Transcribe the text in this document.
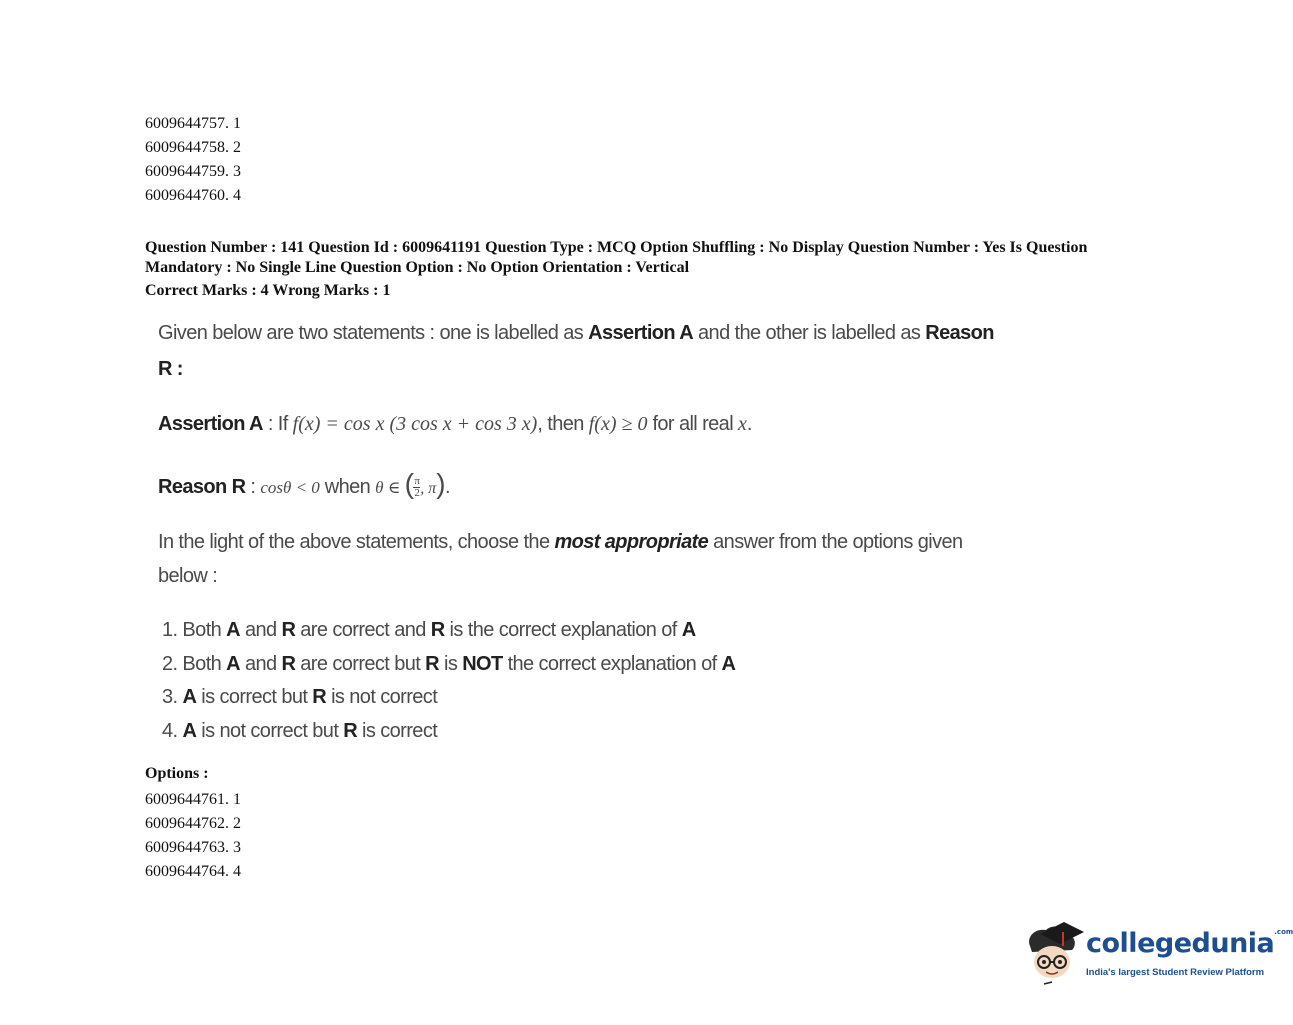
6009644757. 1
6009644758. 2
6009644759. 3
6009644760. 4
Question Number : 141 Question Id : 6009641191 Question Type : MCQ Option Shuffling : No Display Question Number : Yes Is Question Mandatory : No Single Line Question Option : No Option Orientation : Vertical
Correct Marks : 4 Wrong Marks : 1
Given below are two statements : one is labelled as Assertion A and the other is labelled as Reason
R :
Assertion A : If f(x) = cos x (3 cos x + cos 3 x), then f(x) ≥ 0 for all real x.
Reason R : cosθ < 0 when θ ∈ ( $\frac{\pi}{2}$, π).
In the light of the above statements, choose the most appropriate answer from the options given
below :
1. Both A and R are correct and R is the correct explanation of A
2. Both A and R are correct but R is NOT the correct explanation of A
3. A is correct but R is not correct
4. A is not correct but R is correct
Options :
6009644761. 1
6009644762. 2
6009644763. 3
6009644764. 4
collegedunia$^{.com}$
India's largest Student Review Platform
